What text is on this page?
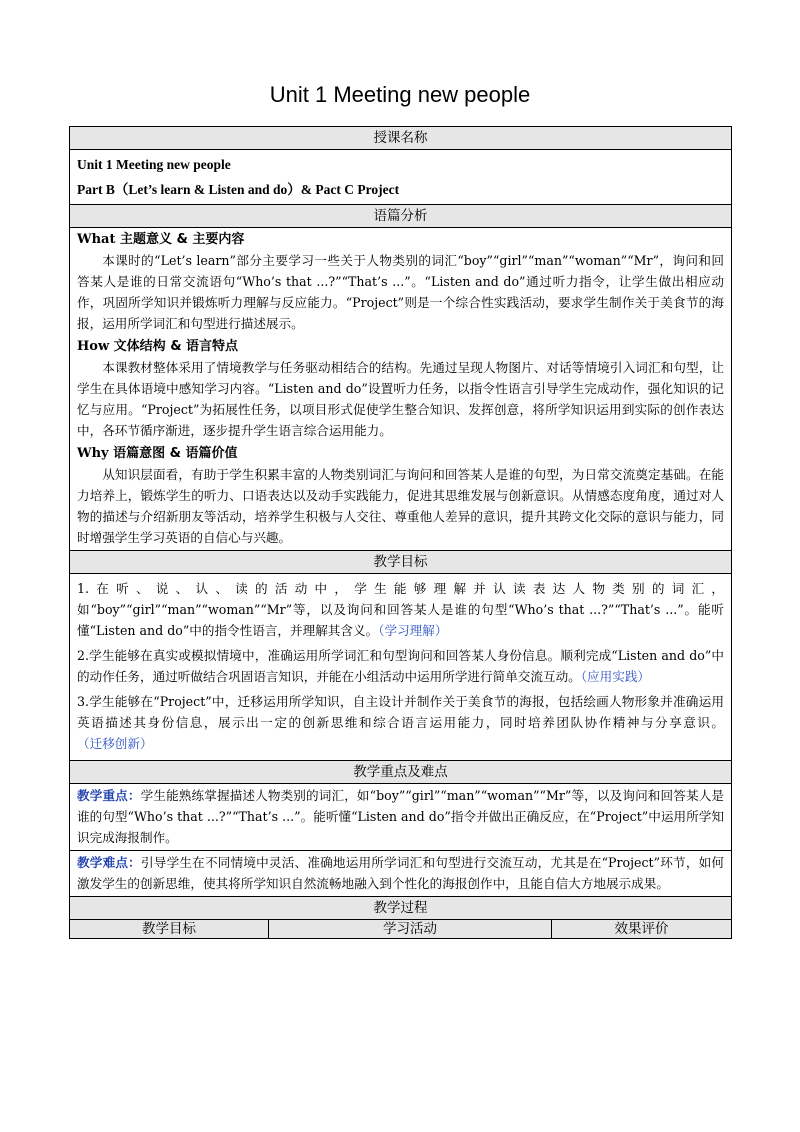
Unit 1 Meeting new people
授课名称

Unit 1 Meeting new people
Part B（Let’s learn & Listen and do）& Pact C Project

语篇分析

What 主题意义 & 主要内容

本课时的“Let’s learn”部分主要学习一些关于人物类别的词汇“boy”“girl”“man”“woman”“Mr”，询问和回答某人是谁的日常交流语句“Who’s that ...?”“That’s ...”。“Listen and do”通过听力指令，让学生做出相应动作，巩固所学知识并锻炼听力理解与反应能力。“Project”则是一个综合性实践活动，要求学生制作关于美食节的海报，运用所学词汇和句型进行描述展示。

How 文体结构 & 语言特点

本课教材整体采用了情境教学与任务驱动相结合的结构。先通过呈现人物图片、对话等情境引入词汇和句型，让学生在具体语境中感知学习内容。“Listen and do”设置听力任务，以指令性语言引导学生完成动作，强化知识的记忆与应用。“Project”为拓展性任务，以项目形式促使学生整合知识、发挥创意，将所学知识运用到实际的创作表达中，各环节循序渐进，逐步提升学生语言综合运用能力。

Why 语篇意图 & 语篇价值

从知识层面看，有助于学生积累丰富的人物类别词汇与询问和回答某人是谁的句型，为日常交流奠定基础。在能力培养上，锻炼学生的听力、口语表达以及动手实践能力，促进其思维发展与创新意识。从情感态度角度，通过对人物的描述与介绍新朋友等活动，培养学生积极与人交往、尊重他人差异的意识，提升其跨文化交际的意识与能力，同时增强学生学习英语的自信心与兴趣。

教学目标

1.在听、说、认、读的活动中，学生能够理解并认读表达人物类别的词汇，如“boy”“girl”“man”“woman”“Mr”等，以及询问和回答某人是谁的句型“Who’s that ...?”“That’s ...”。能听懂“Listen and do”中的指令性语言，并理解其含义。（学习理解）

2.学生能够在真实或模拟情境中，准确运用所学词汇和句型询问和回答某人身份信息。顺利完成“Listen and do”中的动作任务，通过听做结合巩固语言知识，并能在小组活动中运用所学进行简单交流互动。（应用实践）

3.学生能够在“Project”中，迁移运用所学知识，自主设计并制作关于美食节的海报，包括绘画人物形象并准确运用英语描述其身份信息，展示出一定的创新思维和综合语言运用能力，同时培养团队协作精神与分享意识。（迁移创新）

教学重点及难点

教学重点：学生能熟练掌握描述人物类别的词汇，如“boy”“girl”“man”“woman”“Mr”等，以及询问和回答某人是谁的句型“Who’s that ...?”“That’s ...”。能听懂“Listen and do”指令并做出正确反应，在“Project”中运用所学知识完成海报制作。

教学难点：引导学生在不同情境中灵活、准确地运用所学词汇和句型进行交流互动，尤其是在“Project”环节，如何激发学生的创新思维，使其将所学知识自然流畅地融入到个性化的海报创作中，且能自信大方地展示成果。

教学过程
教学目标	学习活动	效果评价
